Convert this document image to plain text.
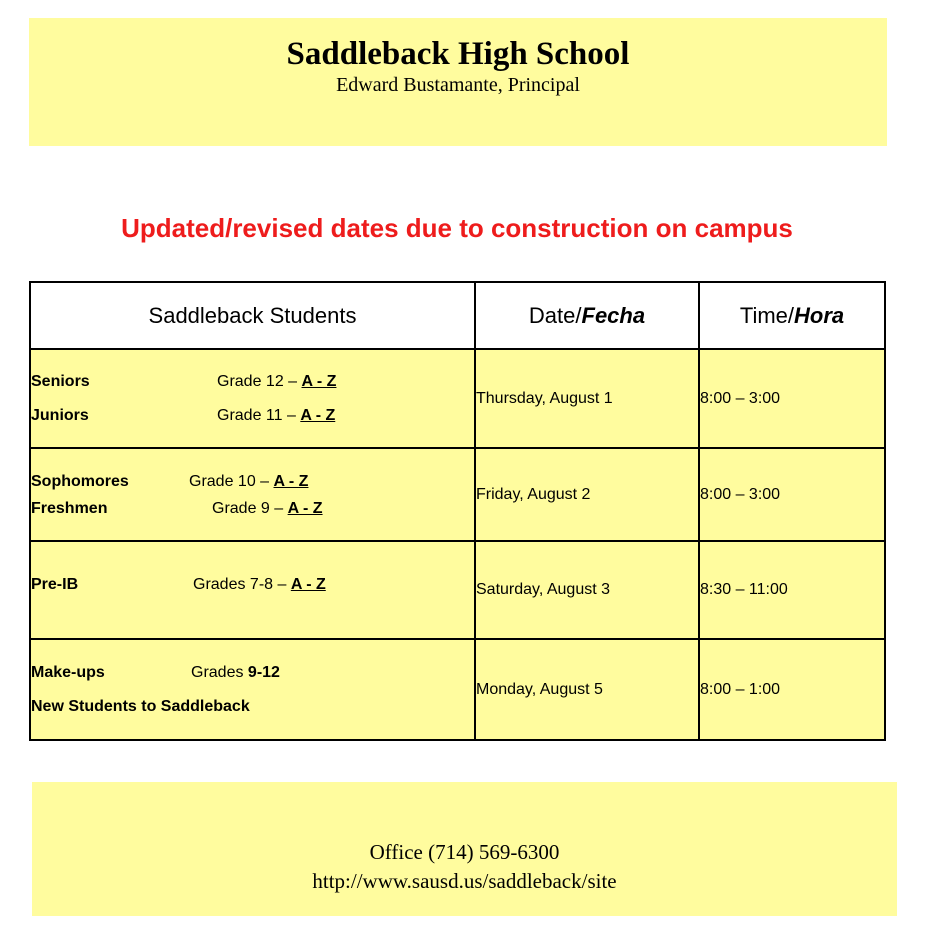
Saddleback High School
Edward Bustamante, Principal
Updated/revised dates due to construction on campus
Saddleback Students	Date/Fecha	Time/Hora

Seniors Grade 12 – A - Z
Juniors Grade 11 – A - Z	Thursday, August 1	8:00 – 3:00

Sophomores Grade 10 – A - Z
Freshmen Grade 9 – A - Z	Friday, August 2	8:00 – 3:00

Pre-IB Grades 7-8 – A - Z	Saturday, August 3	8:30 – 11:00

Make-ups Grades 9-12
New Students to Saddleback	Monday, August 5	8:00 – 1:00
Office (714) 569-6300
http://www.sausd.us/saddleback/site
